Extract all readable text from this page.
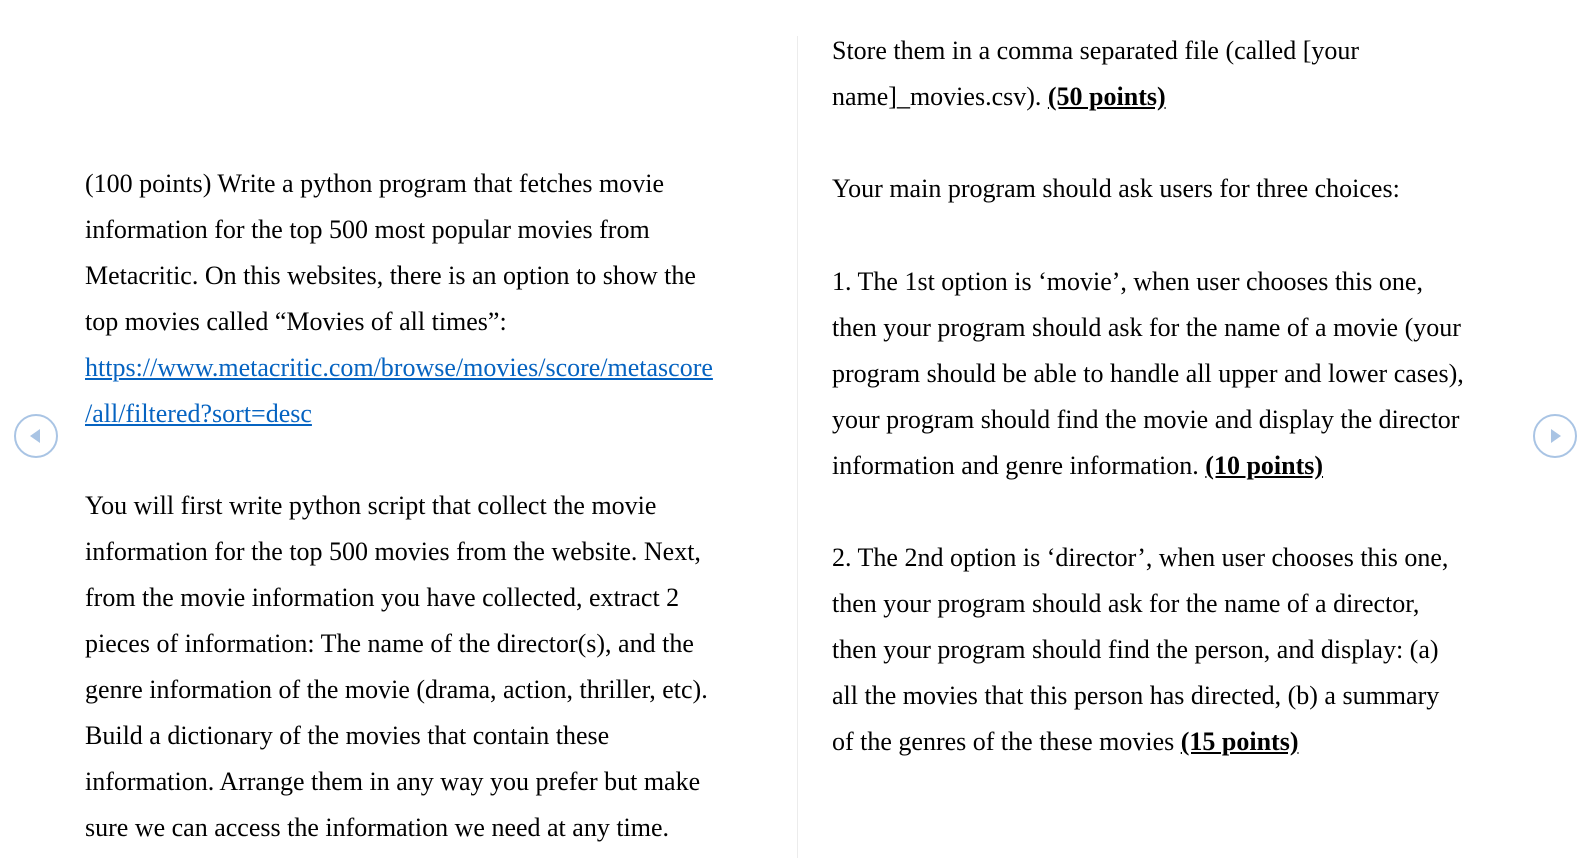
(100 points) Write a python program that fetches movie
information for the top 500 most popular movies from
Metacritic. On this websites, there is an option to show the
top movies called “Movies of all times”:
https://www.metacritic.com/browse/movies/score/metascore
/all/filtered?sort=desc
You will first write python script that collect the movie
information for the top 500 movies from the website. Next,
from the movie information you have collected, extract 2
pieces of information: The name of the director(s), and the
genre information of the movie (drama, action, thriller, etc).
Build a dictionary of the movies that contain these
information. Arrange them in any way you prefer but make
sure we can access the information we need at any time.
Store them in a comma separated file (called [your
name]_movies.csv). (50 points)
Your main program should ask users for three choices:
1. The 1st option is ‘movie’, when user chooses this one,
then your program should ask for the name of a movie (your
program should be able to handle all upper and lower cases),
your program should find the movie and display the director
information and genre information. (10 points)
2. The 2nd option is ‘director’, when user chooses this one,
then your program should ask for the name of a director,
then your program should find the person, and display: (a)
all the movies that this person has directed, (b) a summary
of the genres of the these movies (15 points)
